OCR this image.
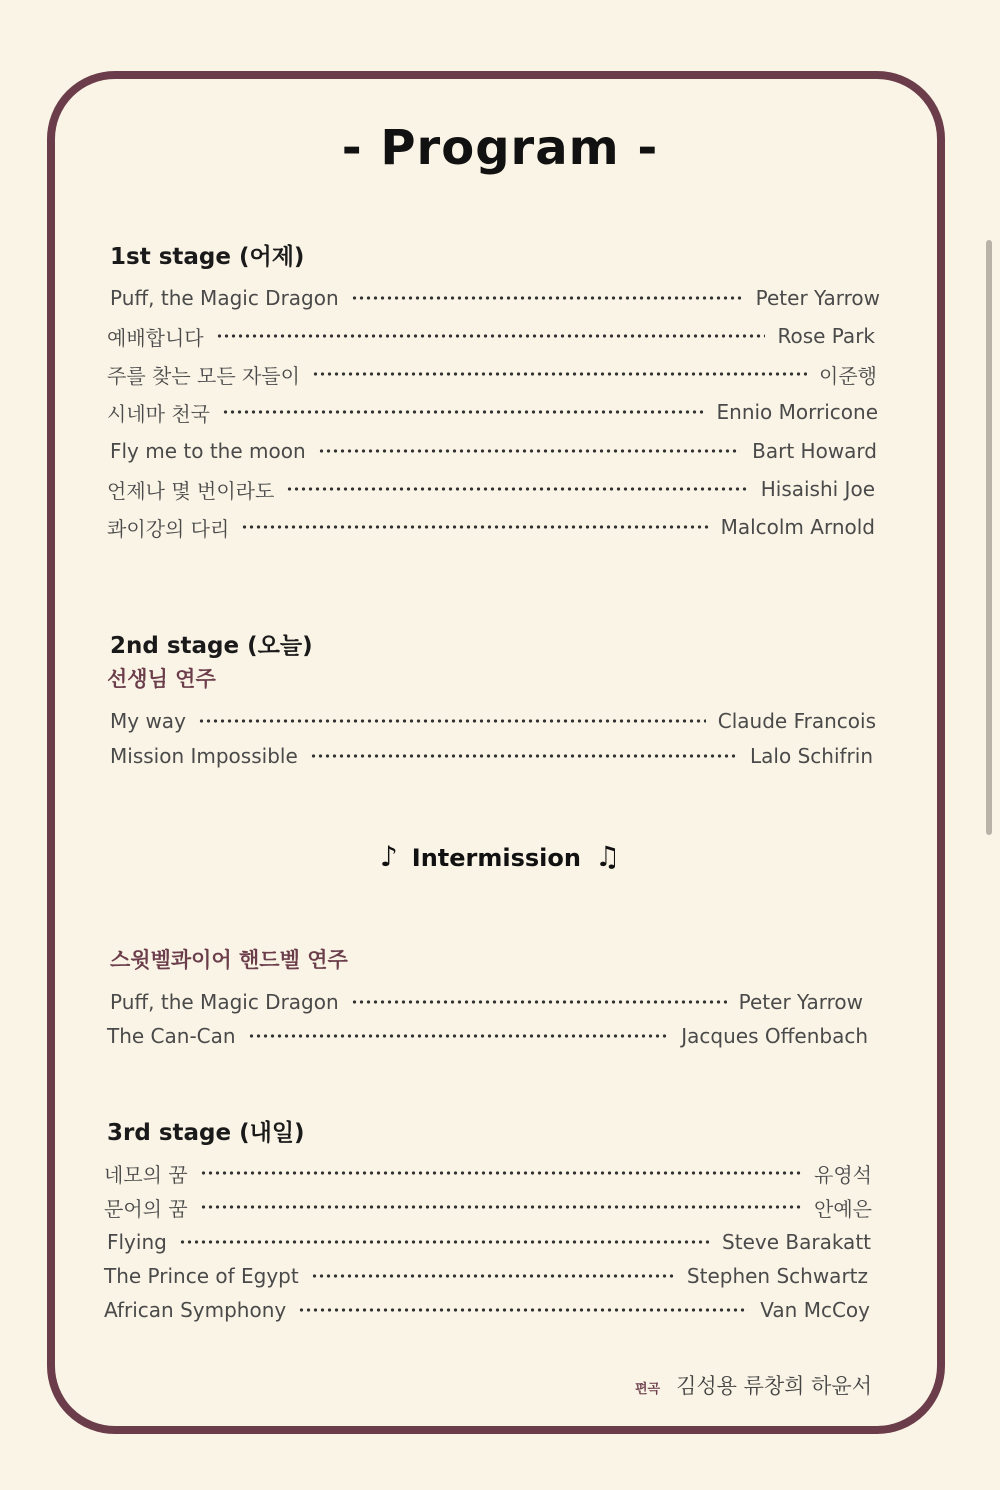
- Program -
1st stage (어제)
Puff, the Magic Dragon	Peter Yarrow
예배합니다	Rose Park
주를 찾는 모든 자들이	이준행
시네마 천국	Ennio Morricone
Fly me to the moon	Bart Howard
언제나 몇 번이라도	Hisaishi Joe
콰이강의 다리	Malcolm Arnold
2nd stage (오늘)
선생님 연주
My way	Claude Francois
Mission Impossible	Lalo Schifrin
♪ Intermission ♫
스윗벨콰이어 핸드벨 연주
Puff, the Magic Dragon	Peter Yarrow
The Can-Can	Jacques Offenbach
3rd stage (내일)
네모의 꿈	유영석
문어의 꿈	안예은
Flying	Steve Barakatt
The Prince of Egypt	Stephen Schwartz
African Symphony	Van McCoy
편곡 김성용 류창희 하윤서
